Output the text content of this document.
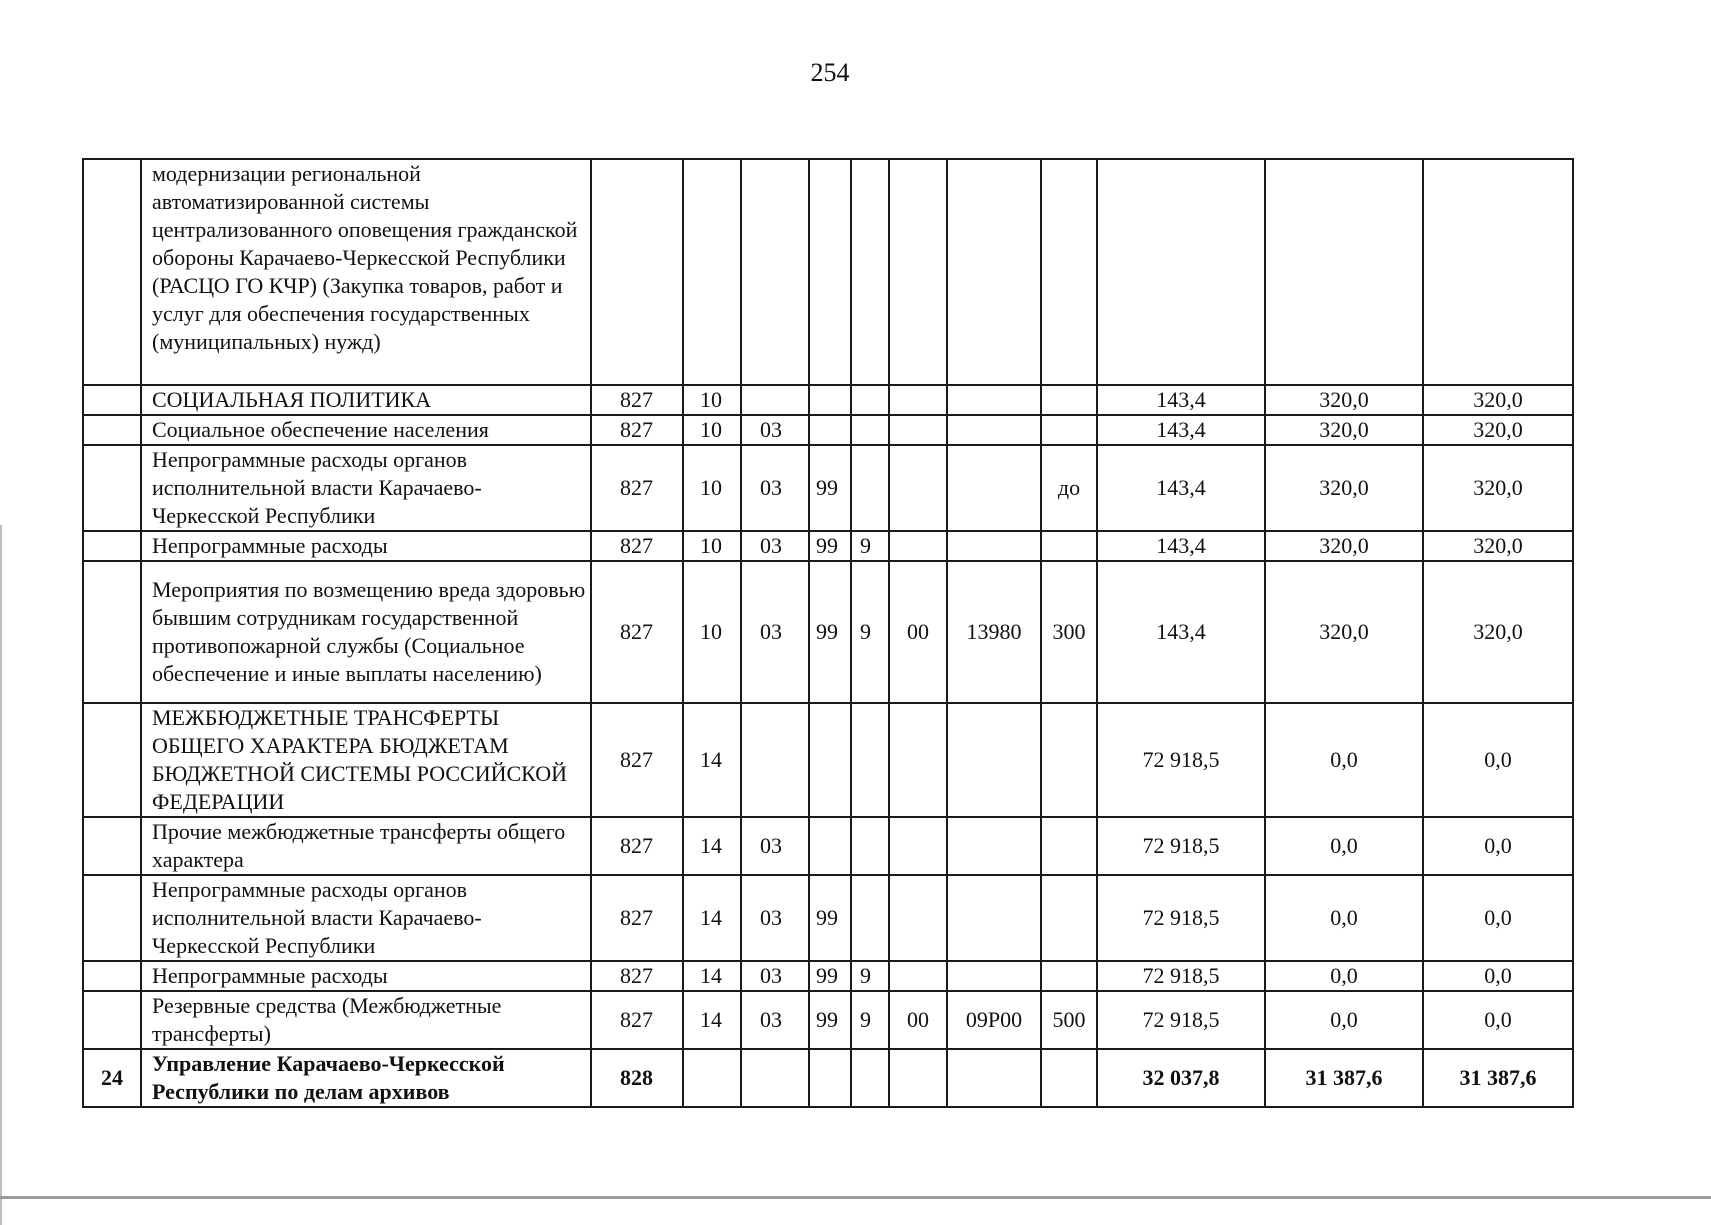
254
	модернизации региональной автоматизированной системы централизованного оповещения гражданской обороны Карачаево-Черкесской Республики (РАСЦО ГО КЧР) (Закупка товаров, работ и услуг для обеспечения государственных (муниципальных) нужд)											
	СОЦИАЛЬНАЯ ПОЛИТИКА	827	10							143,4	320,0	320,0
	Социальное обеспечение населения	827	10	03						143,4	320,0	320,0
	Непрограммные расходы органов исполнительной власти Карачаево-Черкесской Республики	827	10	03	99				до	143,4	320,0	320,0
	Непрограммные расходы	827	10	03	99	9				143,4	320,0	320,0
	Мероприятия по возмещению вреда здоровью бывшим сотрудникам государственной противопожарной службы (Социальное обеспечение и иные выплаты населению)	827	10	03	99	9	00	13980	300	143,4	320,0	320,0
	МЕЖБЮДЖЕТНЫЕ ТРАНСФЕРТЫ ОБЩЕГО ХАРАКТЕРА БЮДЖЕТАМ БЮДЖЕТНОЙ СИСТЕМЫ РОССИЙСКОЙ ФЕДЕРАЦИИ	827	14							72 918,5	0,0	0,0
	Прочие межбюджетные трансферты общего характера	827	14	03						72 918,5	0,0	0,0
	Непрограммные расходы органов исполнительной власти Карачаево-Черкесской Республики	827	14	03	99					72 918,5	0,0	0,0
	Непрограммные расходы	827	14	03	99	9				72 918,5	0,0	0,0
	Резервные средства (Межбюджетные трансферты)	827	14	03	99	9	00	09Р00	500	72 918,5	0,0	0,0
24	Управление Карачаево-Черкесской Республики по делам архивов	828								32 037,8	31 387,6	31 387,6
